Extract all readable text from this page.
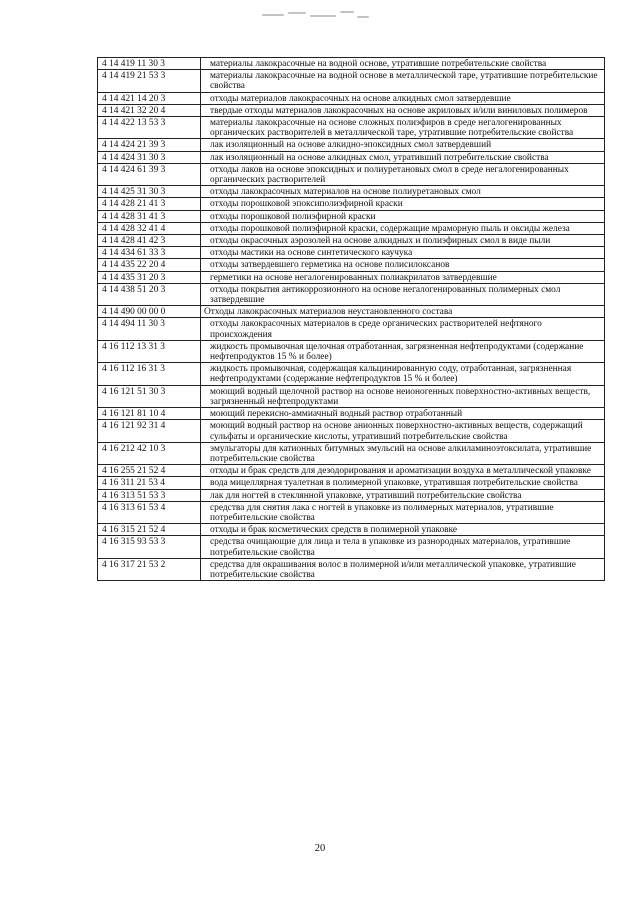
4 14 419 11 30 3	материалы лакокрасочные на водной основе, утратившие потребительские свойства
4 14 419 21 53 3	материалы лакокрасочные на водной основе в металлической таре, утратившие потребительские свойства
4 14 421 14 20 3	отходы материалов лакокрасочных на основе алкидных смол затвердевшие
4 14 421 32 20 4	твердые отходы материалов лакокрасочных на основе акриловых и/или виниловых полимеров
4 14 422 13 53 3	материалы лакокрасочные на основе сложных полиэфиров в среде негалогенированных органических растворителей в металлической таре, утратившие потребительские свойства
4 14 424 21 39 3	лак изоляционный на основе алкидно-эпоксидных смол затвердевший
4 14 424 31 30 3	лак изоляционный на основе алкидных смол, утративший потребительские свойства
4 14 424 61 39 3	отходы лаков на основе эпоксидных и полиуретановых смол в среде негалогенированных органических растворителей
4 14 425 31 30 3	отходы лакокрасочных материалов на основе полиуретановых смол
4 14 428 21 41 3	отходы порошковой эпоксиполиэфирной краски
4 14 428 31 41 3	отходы порошковой полиэфирной краски
4 14 428 32 41 4	отходы порошковой полиэфирной краски, содержащие мраморную пыль и оксиды железа
4 14 428 41 42 3	отходы окрасочных аэрозолей на основе алкидных и полиэфирных смол в виде пыли
4 14 434 61 33 3	отходы мастики на основе синтетического каучука
4 14 435 22 20 4	отходы затвердевшего герметика на основе полисилоксанов
4 14 435 31 20 3	герметики на основе негалогенированных полиакрилатов затвердевшие
4 14 438 51 20 3	отходы покрытия антикоррозионного на основе негалогенированных полимерных смол затвердевшие
4 14 490 00 00 0	Отходы лакокрасочных материалов неустановленного состава
4 14 494 11 30 3	отходы лакокрасочных материалов в среде органических растворителей нефтяного происхождения
4 16 112 13 31 3	жидкость промывочная щелочная отработанная, загрязненная нефтепродуктами (содержание нефтепродуктов 15 % и более)
4 16 112 16 31 3	жидкость промывочная, содержащая кальцинированную соду, отработанная, загрязненная нефтепродуктами (содержание нефтепродуктов 15 % и более)
4 16 121 51 30 3	моющий водный щелочной раствор на основе неионогенных поверхностно-активных веществ, загрязненный нефтепродуктами
4 16 121 81 10 4	моющий перекисно-аммиачный водный раствор отработанный
4 16 121 92 31 4	моющий водный раствор на основе анионных поверхностно-активных веществ, содержащий сульфаты и органические кислоты, утративший потребительские свойства
4 16 212 42 10 3	эмульгаторы для катионных битумных эмульсий на основе алкиламиноэтоксилата, утратившие потребительские свойства
4 16 255 21 52 4	отходы и брак средств для дезодорирования и ароматизации воздуха в металлической упаковке
4 16 311 21 53 4	вода мицеллярная туалетная в полимерной упаковке, утратившая потребительские свойства
4 16 313 51 53 3	лак для ногтей в стеклянной упаковке, утративший потребительские свойства
4 16 313 61 53 4	средства для снятия лака с ногтей в упаковке из полимерных материалов, утратившие потребительские свойства
4 16 315 21 52 4	отходы и брак косметических средств в полимерной упаковке
4 16 315 93 53 3	средства очищающие для лица и тела в упаковке из разнородных материалов, утратившие потребительские свойства
4 16 317 21 53 2	средства для окрашивания волос в полимерной и/или металлической упаковке, утратившие потребительские свойства
20
